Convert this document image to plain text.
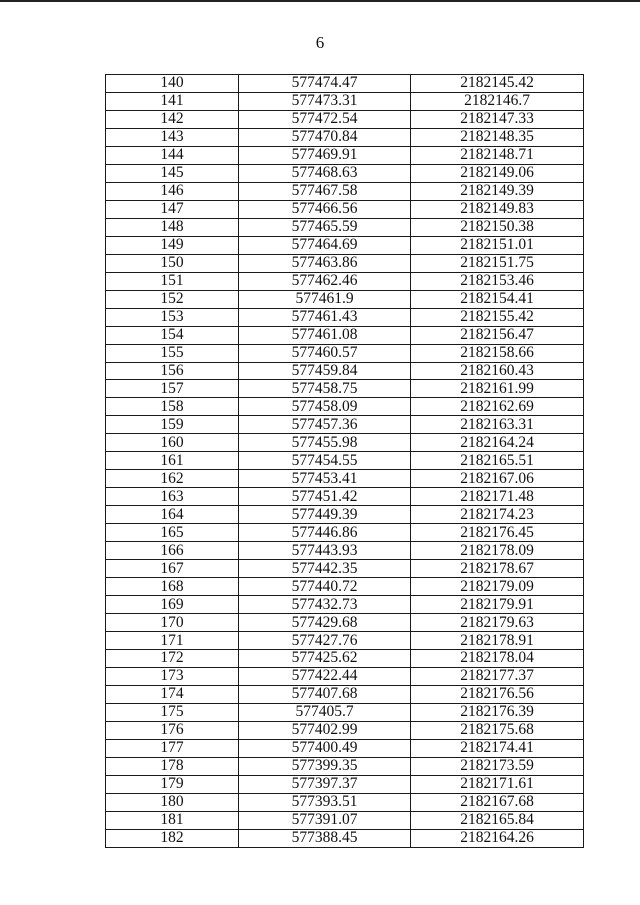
6
140	577474.47	2182145.42
141	577473.31	2182146.7
142	577472.54	2182147.33
143	577470.84	2182148.35
144	577469.91	2182148.71
145	577468.63	2182149.06
146	577467.58	2182149.39
147	577466.56	2182149.83
148	577465.59	2182150.38
149	577464.69	2182151.01
150	577463.86	2182151.75
151	577462.46	2182153.46
152	577461.9	2182154.41
153	577461.43	2182155.42
154	577461.08	2182156.47
155	577460.57	2182158.66
156	577459.84	2182160.43
157	577458.75	2182161.99
158	577458.09	2182162.69
159	577457.36	2182163.31
160	577455.98	2182164.24
161	577454.55	2182165.51
162	577453.41	2182167.06
163	577451.42	2182171.48
164	577449.39	2182174.23
165	577446.86	2182176.45
166	577443.93	2182178.09
167	577442.35	2182178.67
168	577440.72	2182179.09
169	577432.73	2182179.91
170	577429.68	2182179.63
171	577427.76	2182178.91
172	577425.62	2182178.04
173	577422.44	2182177.37
174	577407.68	2182176.56
175	577405.7	2182176.39
176	577402.99	2182175.68
177	577400.49	2182174.41
178	577399.35	2182173.59
179	577397.37	2182171.61
180	577393.51	2182167.68
181	577391.07	2182165.84
182	577388.45	2182164.26
